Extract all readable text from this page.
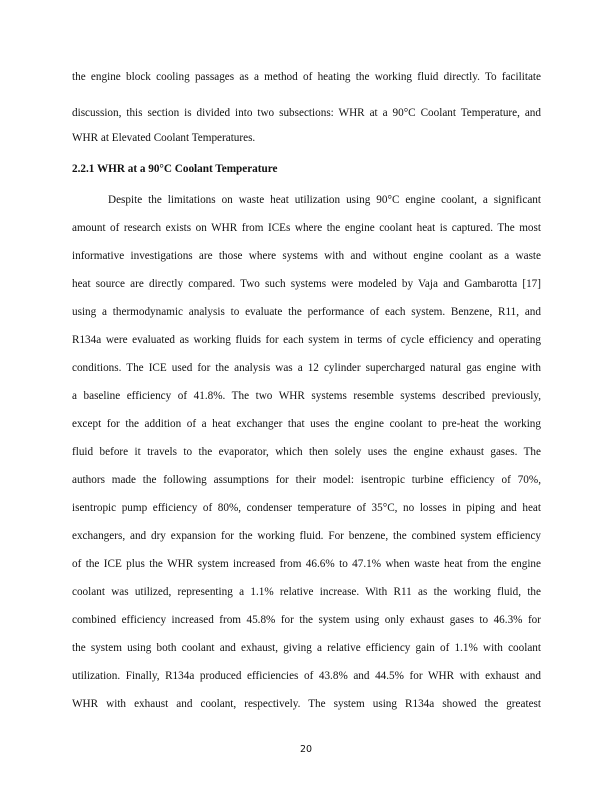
the engine block cooling passages as a method of heating the working fluid directly. To facilitate
discussion, this section is divided into two subsections: WHR at a 90°C Coolant Temperature, and
WHR at Elevated Coolant Temperatures.
2.2.1 WHR at a 90°C Coolant Temperature
Despite the limitations on waste heat utilization using 90°C engine coolant, a significant
amount of research exists on WHR from ICEs where the engine coolant heat is captured. The most
informative investigations are those where systems with and without engine coolant as a waste
heat source are directly compared. Two such systems were modeled by Vaja and Gambarotta [17]
using a thermodynamic analysis to evaluate the performance of each system. Benzene, R11, and
R134a were evaluated as working fluids for each system in terms of cycle efficiency and operating
conditions. The ICE used for the analysis was a 12 cylinder supercharged natural gas engine with
a baseline efficiency of 41.8%. The two WHR systems resemble systems described previously,
except for the addition of a heat exchanger that uses the engine coolant to pre-heat the working
fluid before it travels to the evaporator, which then solely uses the engine exhaust gases. The
authors made the following assumptions for their model: isentropic turbine efficiency of 70%,
isentropic pump efficiency of 80%, condenser temperature of 35°C, no losses in piping and heat
exchangers, and dry expansion for the working fluid. For benzene, the combined system efficiency
of the ICE plus the WHR system increased from 46.6% to 47.1% when waste heat from the engine
coolant was utilized, representing a 1.1% relative increase. With R11 as the working fluid, the
combined efficiency increased from 45.8% for the system using only exhaust gases to 46.3% for
the system using both coolant and exhaust, giving a relative efficiency gain of 1.1% with coolant
utilization. Finally, R134a produced efficiencies of 43.8% and 44.5% for WHR with exhaust and
WHR with exhaust and coolant, respectively. The system using R134a showed the greatest
20
